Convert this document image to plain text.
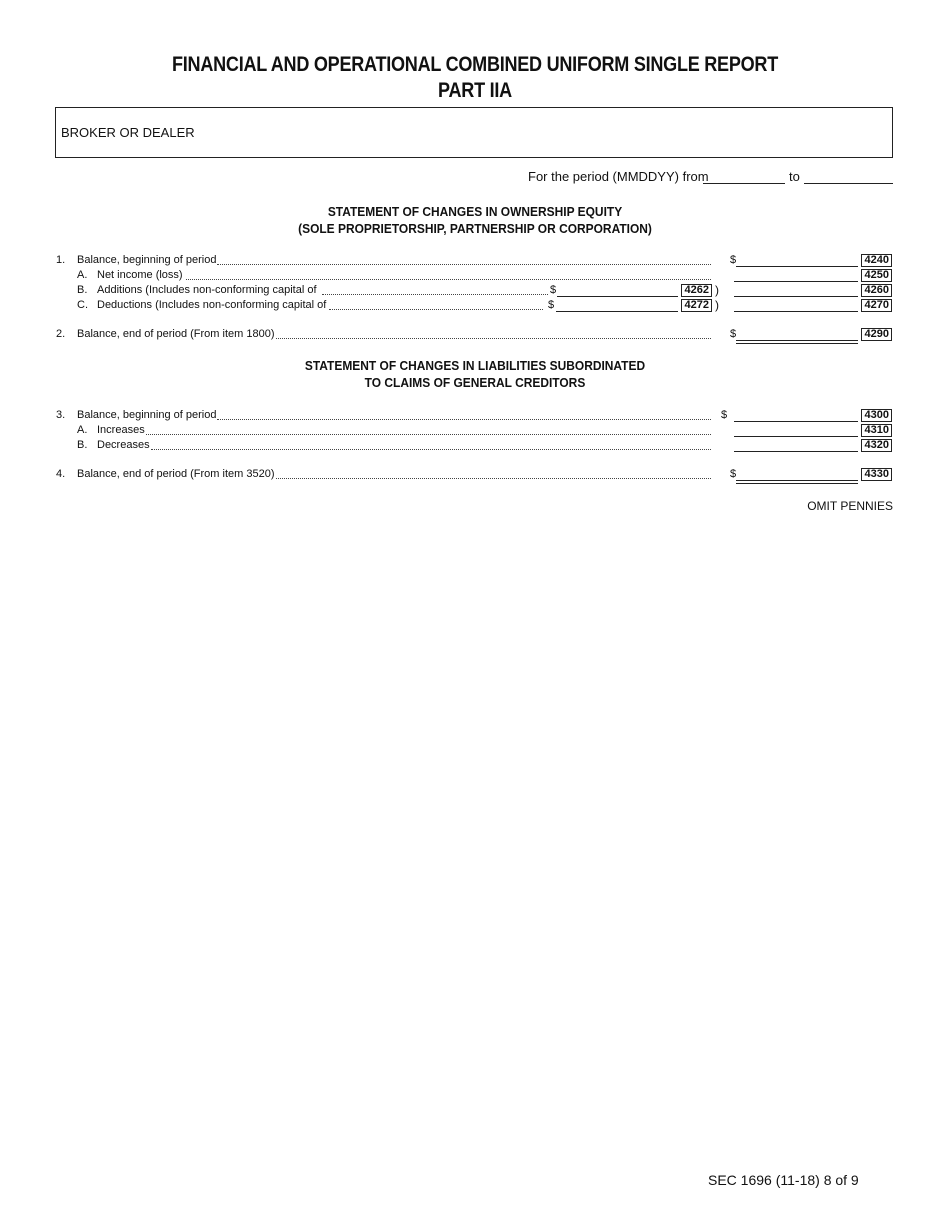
FINANCIAL AND OPERATIONAL COMBINED UNIFORM SINGLE REPORT
PART IIA
BROKER OR DEALER
For the period (MMDDYY) from	to
STATEMENT OF CHANGES IN OWNERSHIP EQUITY
(SOLE PROPRIETORSHIP, PARTNERSHIP OR CORPORATION)
1. Balance, beginning of period	$	4240
A. Net income (loss)	4250
B. Additions (Includes non-conforming capital of	$	4262 )	4260
C. Deductions (Includes non-conforming capital of	$	4272 )	4270
2. Balance, end of period (From item 1800)	$	4290
STATEMENT OF CHANGES IN LIABILITIES SUBORDINATED
TO CLAIMS OF GENERAL CREDITORS
3. Balance, beginning of period	$	4300
A. Increases	4310
B. Decreases	4320
4. Balance, end of period (From item 3520)	$	4330
OMIT PENNIES
SEC 1696 (11-18) 8 of 9
